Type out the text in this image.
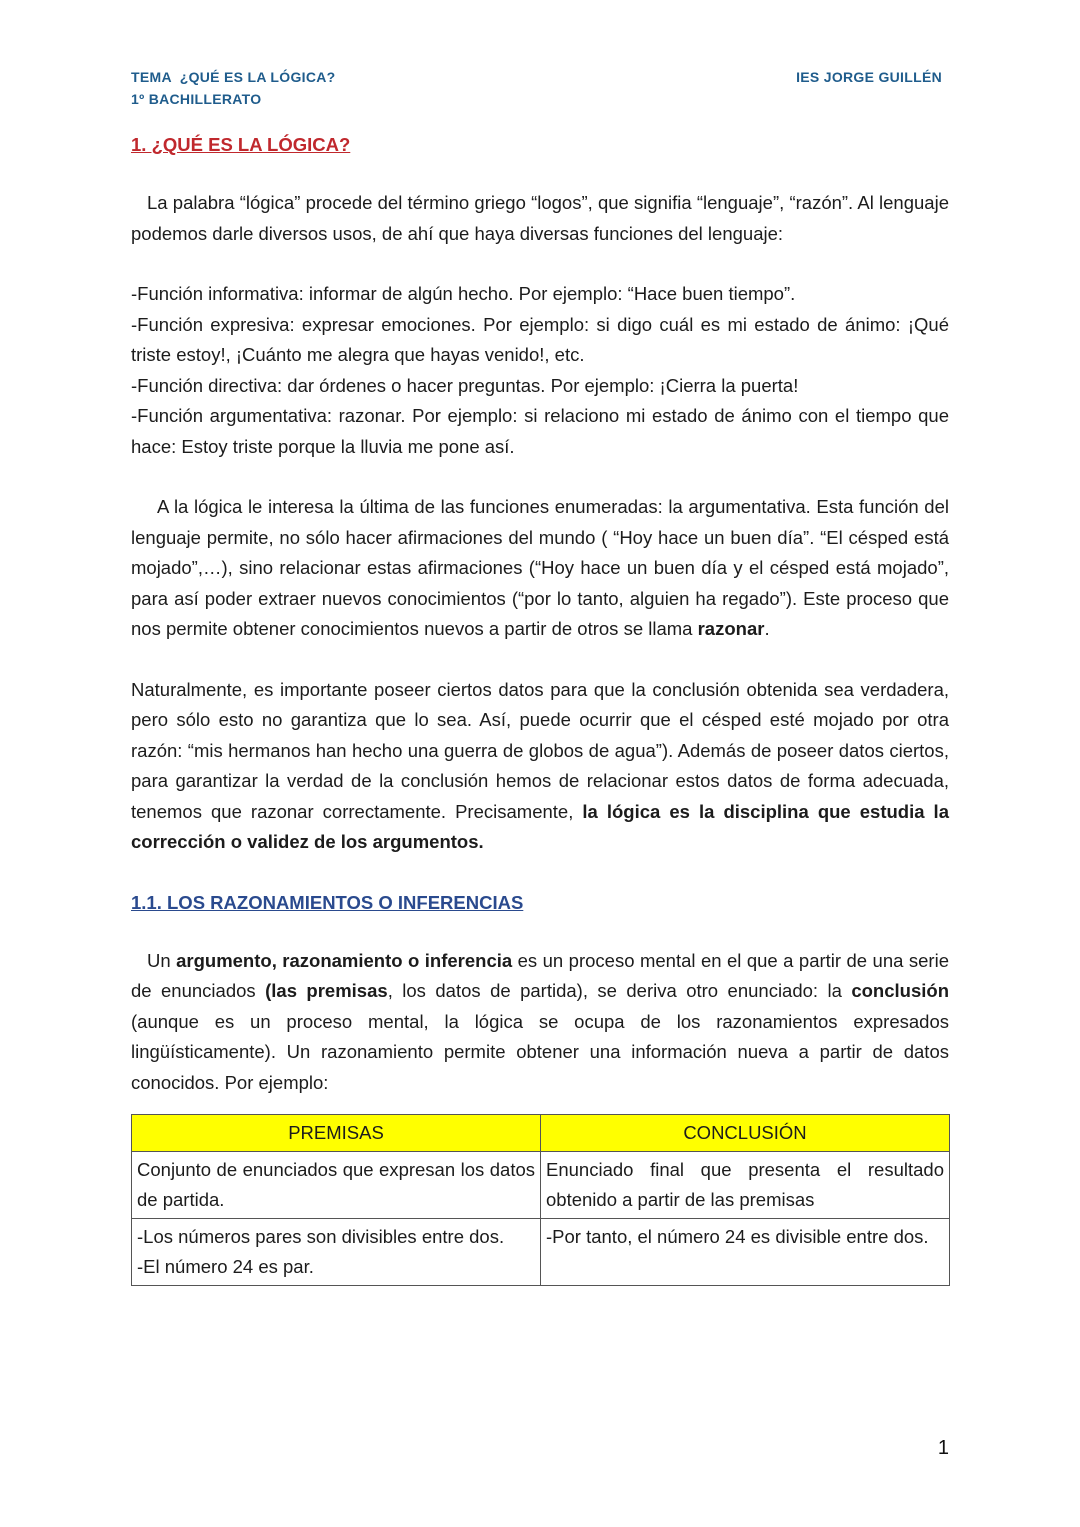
TEMA  ¿QUÉ ES LA LÓGICA?
1º BACHILLERATO
IES JORGE GUILLÉN
1. ¿QUÉ ES LA LÓGICA?

La palabra “lógica” procede del término griego “logos”, que signifia “lenguaje”, “razón”. Al lenguaje podemos darle diversos usos, de ahí que haya diversas funciones del lenguaje:

-Función informativa: informar de algún hecho. Por ejemplo: “Hace buen tiempo”.
-Función expresiva: expresar emociones. Por ejemplo: si digo cuál es mi estado de ánimo: ¡Qué triste estoy!, ¡Cuánto me alegra que hayas venido!, etc.
-Función directiva: dar órdenes o hacer preguntas. Por ejemplo: ¡Cierra la puerta!
-Función argumentativa: razonar. Por ejemplo: si relaciono mi estado de ánimo con el tiempo que hace: Estoy triste porque la lluvia me pone así.

A la lógica le interesa la última de las funciones enumeradas: la argumentativa. Esta función del lenguaje permite, no sólo hacer afirmaciones del mundo ( “Hoy hace un buen día”. “El césped está mojado”,…), sino relacionar estas afirmaciones (“Hoy hace un buen día y el césped está mojado”, para así poder extraer nuevos conocimientos (“por lo tanto, alguien ha regado”). Este proceso que nos permite obtener conocimientos nuevos a partir de otros se llama razonar.

Naturalmente, es importante poseer ciertos datos para que la conclusión obtenida sea verdadera, pero sólo esto no garantiza que lo sea. Así, puede ocurrir que el césped esté mojado por otra razón: “mis hermanos han hecho una guerra de globos de agua”). Además de poseer datos ciertos, para garantizar la verdad de la conclusión hemos de relacionar estos datos de forma adecuada, tenemos que razonar correctamente. Precisamente, la lógica es la disciplina que estudia la corrección o validez de los argumentos.

1.1. LOS RAZONAMIENTOS O INFERENCIAS

Un argumento, razonamiento o inferencia es un proceso mental en el que a partir de una serie de enunciados (las premisas, los datos de partida), se deriva otro enunciado: la conclusión (aunque es un proceso mental, la lógica se ocupa de los razonamientos expresados lingüísticamente). Un razonamiento permite obtener una información nueva a partir de datos conocidos. Por ejemplo:

PREMISAS	CONCLUSIÓN
Conjunto de enunciados que expresan los datos de partida.	Enunciado final que presenta el resultado obtenido a partir de las premisas

-Los números pares son divisibles entre dos.
-El número 24 es par.	-Por tanto, el número 24 es divisible entre dos.
1
